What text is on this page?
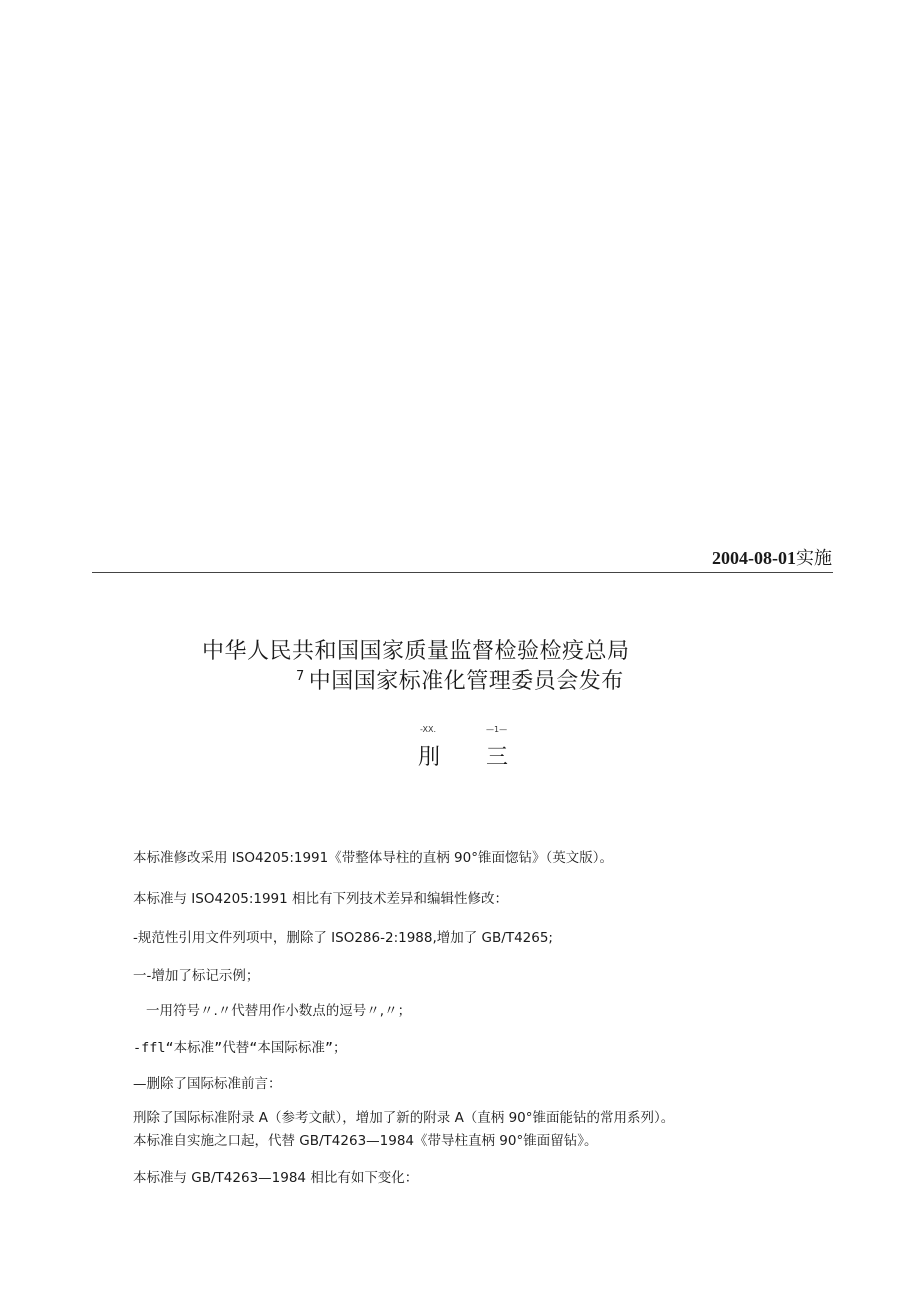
2004-08-01实施
中华人民共和国国家质量监督检验检疫总局
$^7$ 中国国家标准化管理委员会发布
-XX.	—1—
刖 三
本标准修改采用 ISO4205:1991《带整体导柱的直柄 90°锥面惚钻》（英文版）。
本标准与 ISO4205:1991 相比有下列技术差异和编辑性修改：
-规范性引用文件列项中，删除了 ISO286-2:1988,增加了 GB/T4265;
一-增加了标记示例；
一用符号〃.〃代替用作小数点的逗号〃,〃；
-ffl“本标准”代替“本国际标准”；
—删除了国际标准前言：
刑除了国际标准附录 A（参考文献），增加了新的附录 A（直柄 90°锥面能钻的常用系列）。
本标准自实施之口起，代替 GB/T4263—1984《带导柱直柄 90°锥面留钻》。
本标准与 GB/T4263—1984 相比有如下变化：
